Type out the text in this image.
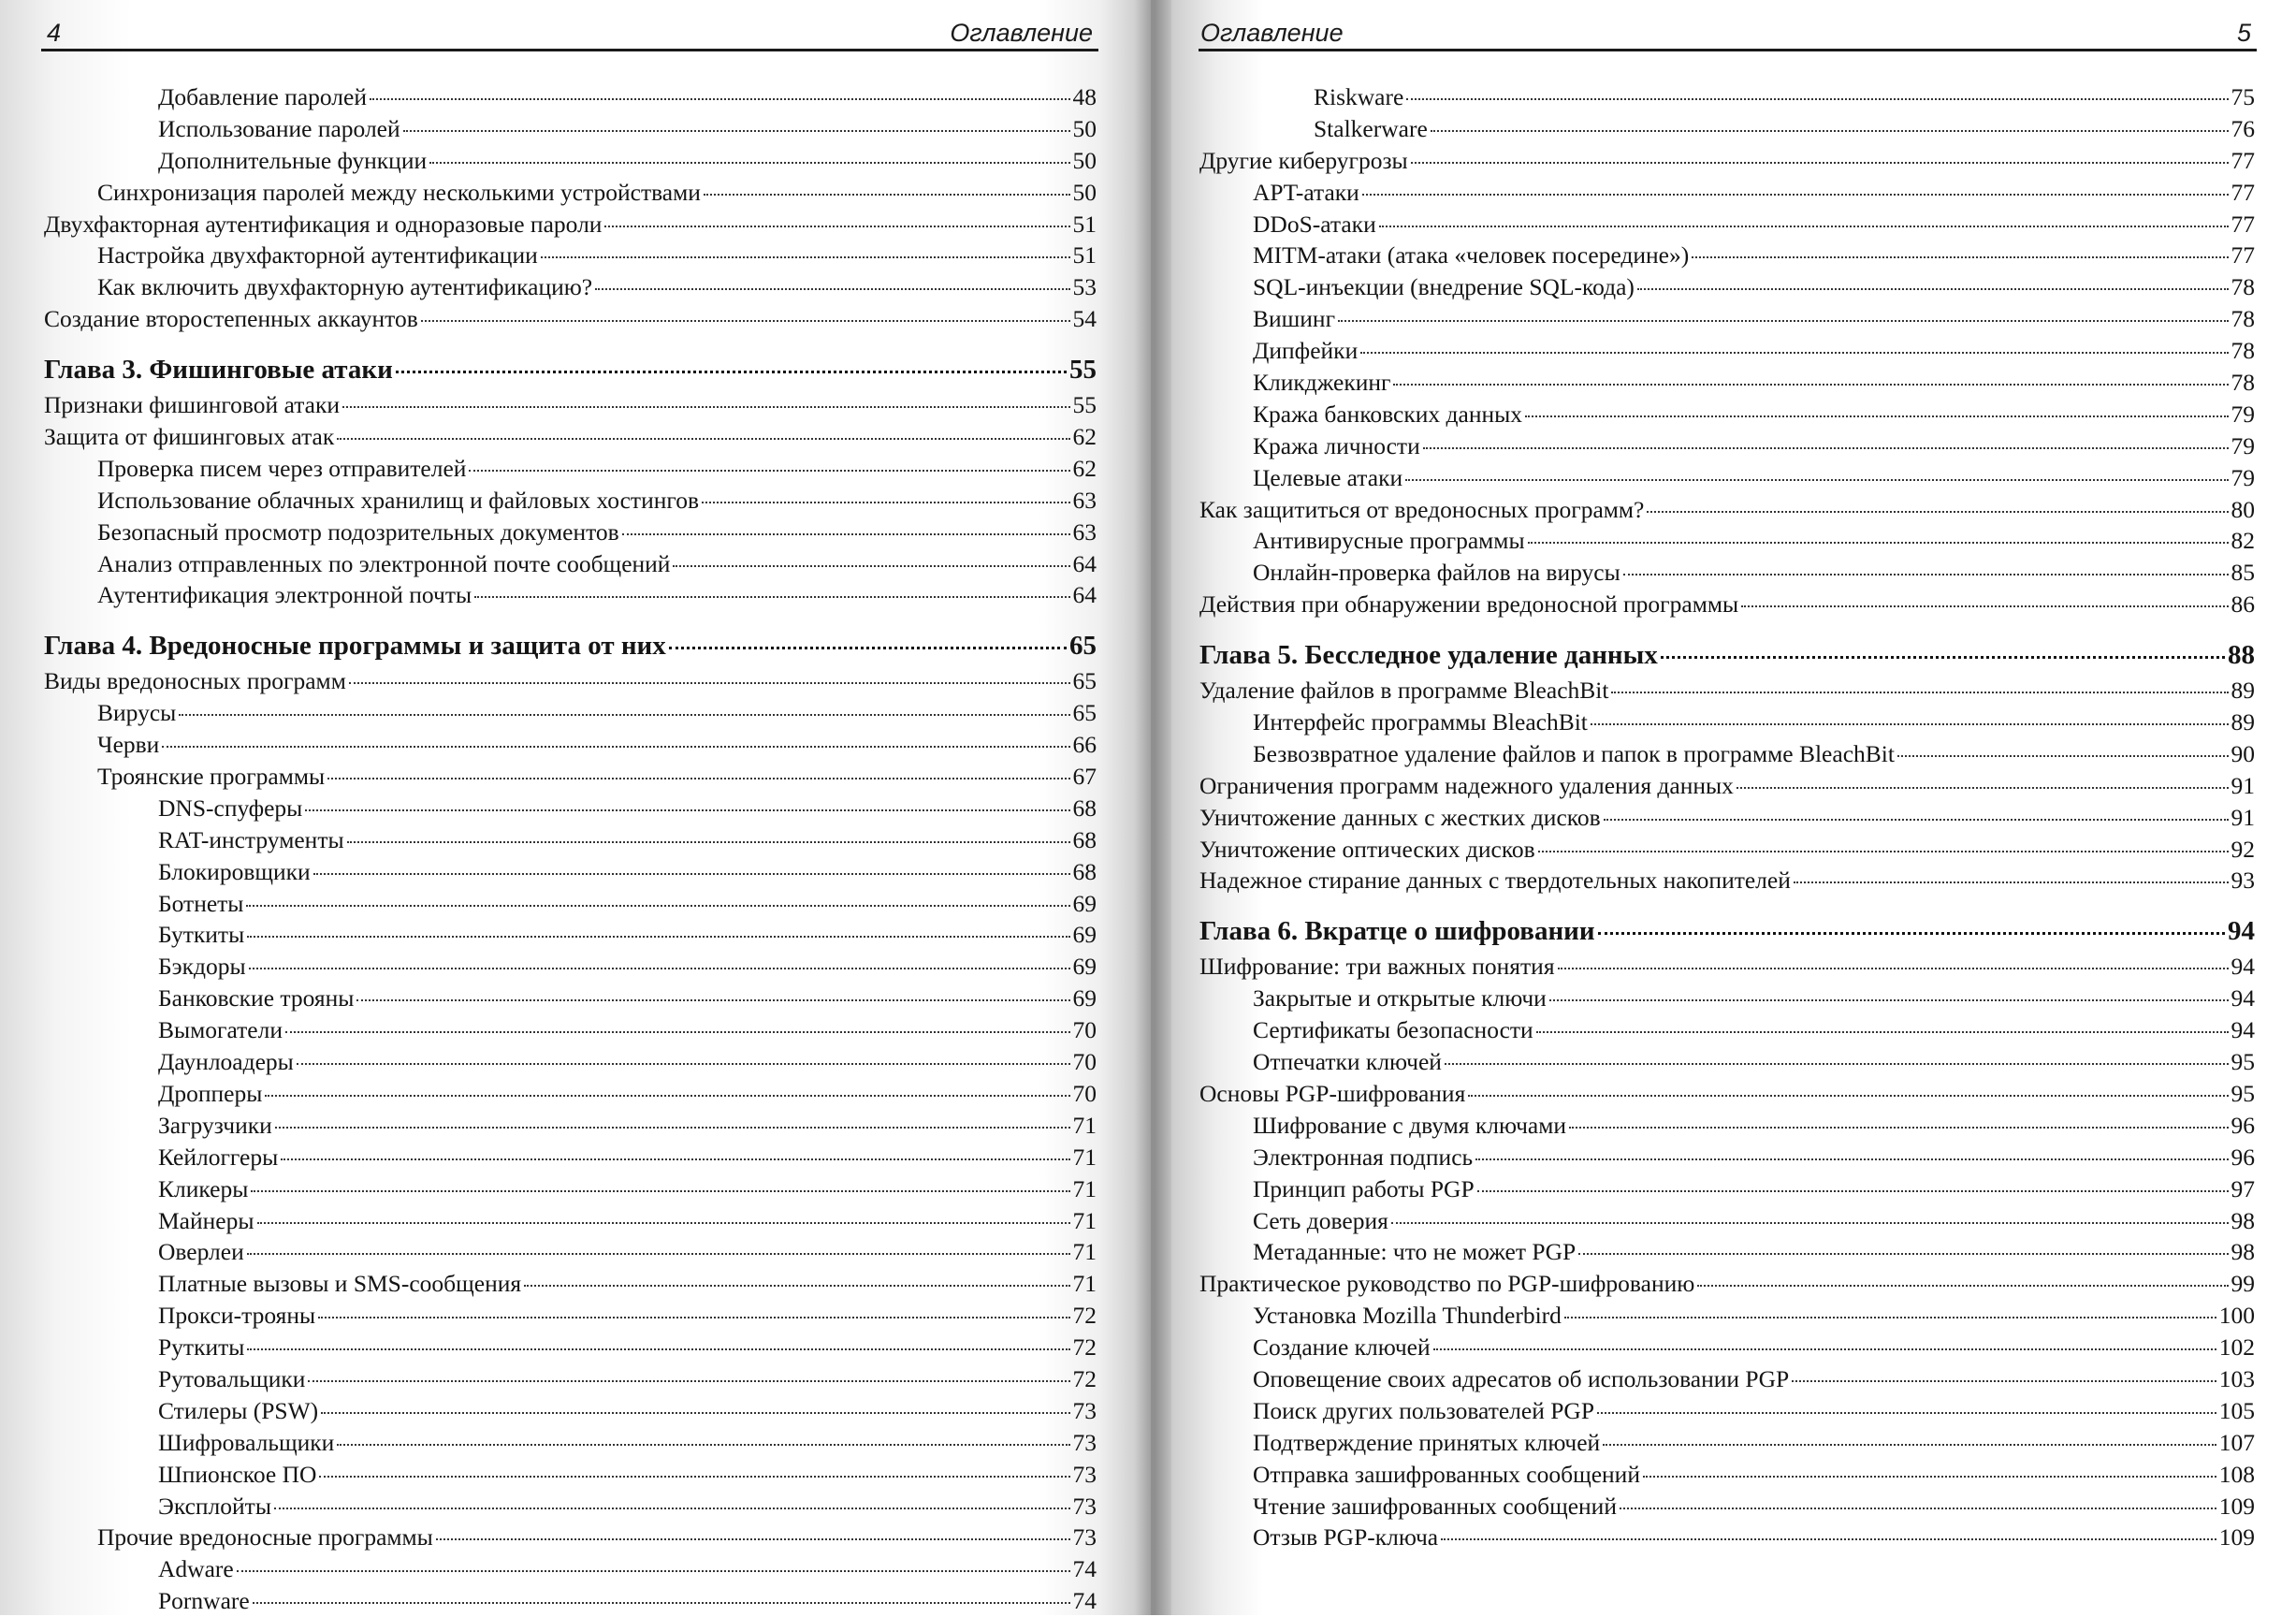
4	Оглавление
Добавление паролей	48
Использование паролей	50
Дополнительные функции	50
Синхронизация паролей между несколькими устройствами	50
Двухфакторная аутентификация и одноразовые пароли	51
Настройка двухфакторной аутентификации	51
Как включить двухфакторную аутентификацию?	53
Создание второстепенных аккаунтов	54
Глава 3. Фишинговые атаки	55
Признаки фишинговой атаки	55
Защита от фишинговых атак	62
Проверка писем через отправителей	62
Использование облачных хранилищ и файловых хостингов	63
Безопасный просмотр подозрительных документов	63
Анализ отправленных по электронной почте сообщений	64
Аутентификация электронной почты	64
Глава 4. Вредоносные программы и защита от них	65
Виды вредоносных программ	65
Вирусы	65
Черви	66
Троянские программы	67
DNS-спуферы	68
RAT-инструменты	68
Блокировщики	68
Ботнеты	69
Буткиты	69
Бэкдоры	69
Банковские трояны	69
Вымогатели	70
Даунлоадеры	70
Дропперы	70
Загрузчики	71
Кейлоггеры	71
Кликеры	71
Майнеры	71
Оверлеи	71
Платные вызовы и SMS-сообщения	71
Прокси-трояны	72
Руткиты	72
Рутовальщики	72
Стилеры (PSW)	73
Шифровальщики	73
Шпионское ПО	73
Эксплойты	73
Прочие вредоносные программы	73
Adware	74
Pornware	74
Оглавление	5
Riskware	75
Stalkerware	76
Другие киберугрозы	77
APT-атаки	77
DDoS-атаки	77
MITM-атаки (атака «человек посередине»)	77
SQL-инъекции (внедрение SQL-кода)	78
Вишинг	78
Дипфейки	78
Кликджекинг	78
Кража банковских данных	79
Кража личности	79
Целевые атаки	79
Как защититься от вредоносных программ?	80
Антивирусные программы	82
Онлайн-проверка файлов на вирусы	85
Действия при обнаружении вредоносной программы	86
Глава 5. Бесследное удаление данных	88
Удаление файлов в программе BleachBit	89
Интерфейс программы BleachBit	89
Безвозвратное удаление файлов и папок в программе BleachBit	90
Ограничения программ надежного удаления данных	91
Уничтожение данных с жестких дисков	91
Уничтожение оптических дисков	92
Надежное стирание данных с твердотельных накопителей	93
Глава 6. Вкратце о шифровании	94
Шифрование: три важных понятия	94
Закрытые и открытые ключи	94
Сертификаты безопасности	94
Отпечатки ключей	95
Основы PGP-шифрования	95
Шифрование с двумя ключами	96
Электронная подпись	96
Принцип работы PGP	97
Сеть доверия	98
Метаданные: что не может PGP	98
Практическое руководство по PGP-шифрованию	99
Установка Mozilla Thunderbird	100
Создание ключей	102
Оповещение своих адресатов об использовании PGP	103
Поиск других пользователей PGP	105
Подтверждение принятых ключей	107
Отправка зашифрованных сообщений	108
Чтение зашифрованных сообщений	109
Отзыв PGP-ключа	109
